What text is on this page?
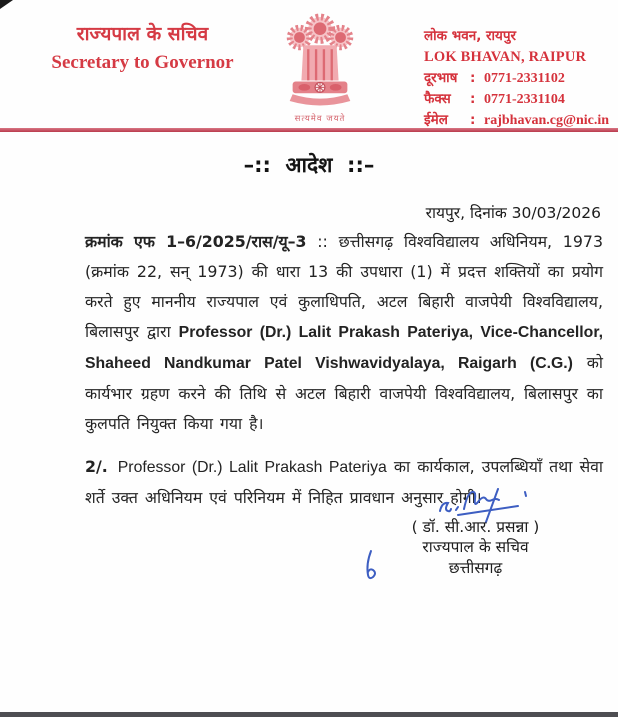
राज्यपाल के सचिव
Secretary to Governor
सत्यमेव जयते
लोक भवन, रायपुर
LOK BHAVAN, RAIPUR
दूरभाष : 0771-2331102
फैक्स	: 0771-2331104
ईमेल	: rajbhavan.cg@nic.in
–::  आदेश  ::–
रायपुर, दिनांक 30/03/2026

क्रमांक एफ 1–6/2025/रास/यू–3 :: छत्तीसगढ़ विश्वविद्यालय अधिनियम, 1973 (क्रमांक 22, सन् 1973) की धारा 13 की उपधारा (1) में प्रदत्त शक्तियों का प्रयोग करते हुए माननीय राज्यपाल एवं कुलाधिपति, अटल बिहारी वाजपेयी विश्वविद्यालय, बिलासपुर द्वारा Professor (Dr.) Lalit Prakash Pateriya, Vice-Chancellor, Shaheed Nandkumar Patel Vishwavidyalaya, Raigarh (C.G.) को कार्यभार ग्रहण करने की तिथि से अटल बिहारी वाजपेयी विश्वविद्यालय, बिलासपुर का कुलपति नियुक्त किया गया है।

2/. Professor (Dr.) Lalit Prakash Pateriya का कार्यकाल, उपलब्धियाँ तथा सेवा शर्ते उक्त अधिनियम एवं परिनियम में निहित प्रावधान अनुसार होगी।

( डॉ. सी.आर. प्रसन्ना )
राज्यपाल के सचिव
छत्तीसगढ़
